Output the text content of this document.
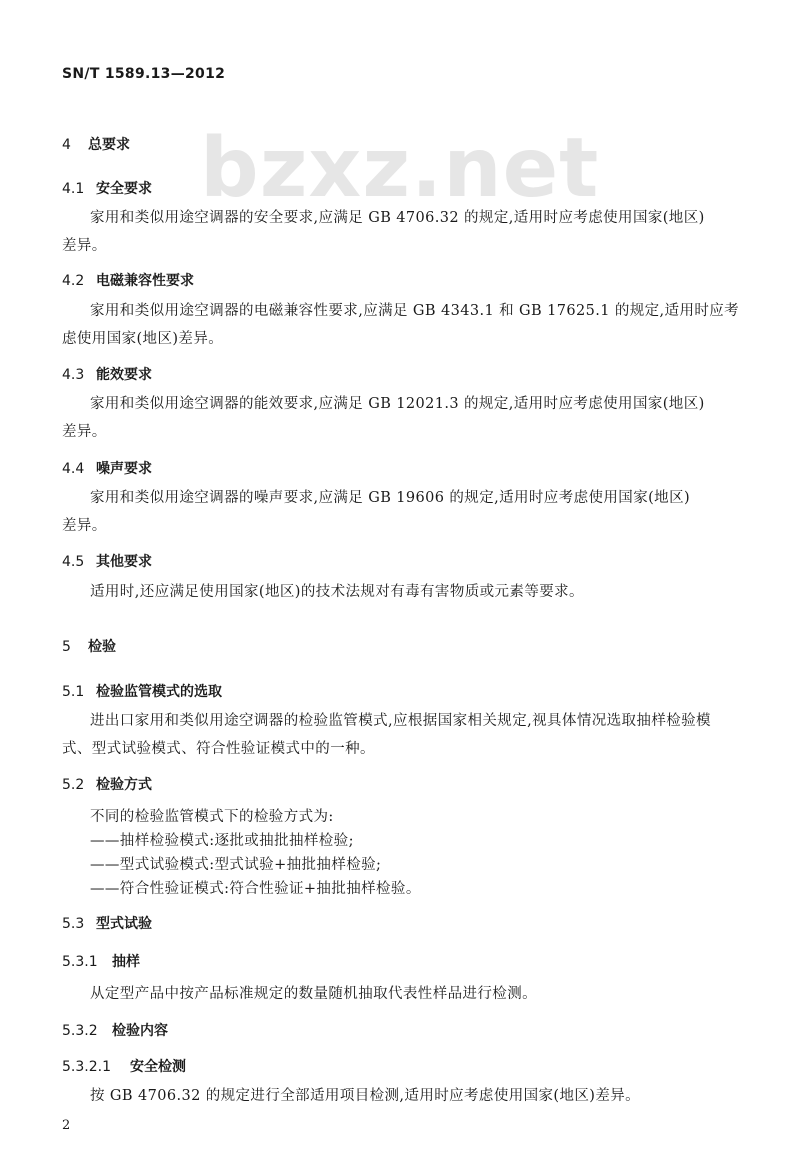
SN/T 1589.13—2012
bzxz.net
4 总要求
4.1 安全要求
家用和类似用途空调器的安全要求,应满足 GB 4706.32 的规定,适用时应考虑使用国家(地区)
差异。
4.2 电磁兼容性要求
家用和类似用途空调器的电磁兼容性要求,应满足 GB 4343.1 和 GB 17625.1 的规定,适用时应考
虑使用国家(地区)差异。
4.3 能效要求
家用和类似用途空调器的能效要求,应满足 GB 12021.3 的规定,适用时应考虑使用国家(地区)
差异。
4.4 噪声要求
家用和类似用途空调器的噪声要求,应满足 GB 19606 的规定,适用时应考虑使用国家(地区)
差异。
4.5 其他要求
适用时,还应满足使用国家(地区)的技术法规对有毒有害物质或元素等要求。
5 检验
5.1 检验监管模式的选取
进出口家用和类似用途空调器的检验监管模式,应根据国家相关规定,视具体情况选取抽样检验模
式、型式试验模式、符合性验证模式中的一种。
5.2 检验方式
不同的检验监管模式下的检验方式为:
——抽样检验模式:逐批或抽批抽样检验;
——型式试验模式:型式试验+抽批抽样检验;
——符合性验证模式:符合性验证+抽批抽样检验。
5.3 型式试验
5.3.1 抽样
从定型产品中按产品标准规定的数量随机抽取代表性样品进行检测。
5.3.2 检验内容
5.3.2.1 安全检测
按 GB 4706.32 的规定进行全部适用项目检测,适用时应考虑使用国家(地区)差异。
2
